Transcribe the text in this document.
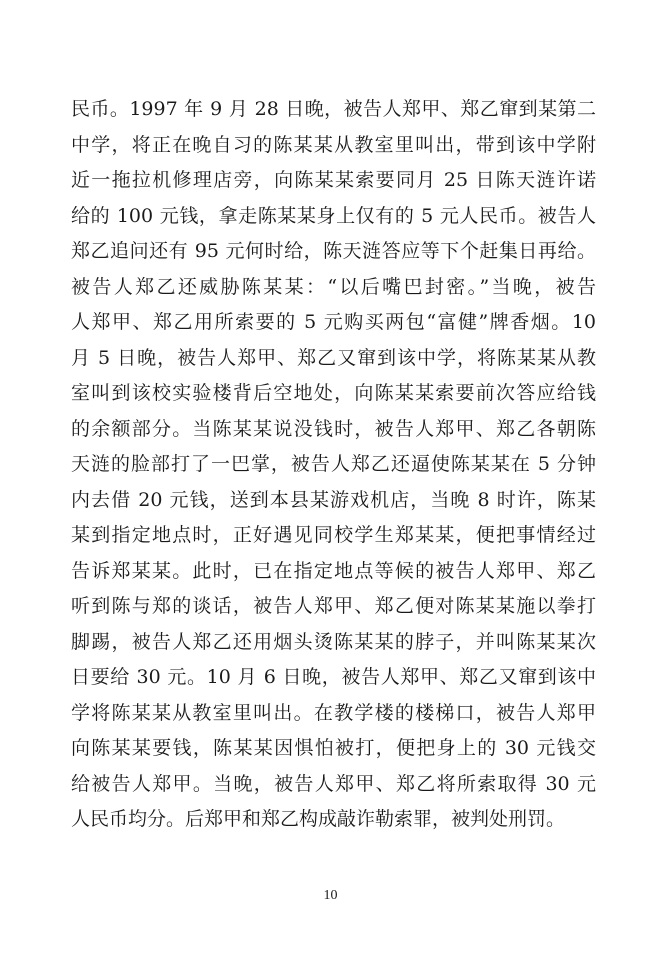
民币。1997 年 9 月 28 日晚，被告人郑甲、郑乙窜到某第二
中学，将正在晚自习的陈某某从教室里叫出，带到该中学附
近一拖拉机修理店旁，向陈某某索要同月 25 日陈天涟许诺
给的 100 元钱，拿走陈某某身上仅有的 5 元人民币。被告人
郑乙追问还有 95 元何时给，陈天涟答应等下个赶集日再给。
被告人郑乙还威胁陈某某：“以后嘴巴封密。”当晚，被告
人郑甲、郑乙用所索要的 5 元购买两包“富健”牌香烟。10
月 5 日晚，被告人郑甲、郑乙又窜到该中学，将陈某某从教
室叫到该校实验楼背后空地处，向陈某某索要前次答应给钱
的余额部分。当陈某某说没钱时，被告人郑甲、郑乙各朝陈
天涟的脸部打了一巴掌，被告人郑乙还逼使陈某某在 5 分钟
内去借 20 元钱，送到本县某游戏机店，当晚 8 时许，陈某
某到指定地点时，正好遇见同校学生郑某某，便把事情经过
告诉郑某某。此时，已在指定地点等候的被告人郑甲、郑乙
听到陈与郑的谈话，被告人郑甲、郑乙便对陈某某施以拳打
脚踢，被告人郑乙还用烟头烫陈某某的脖子，并叫陈某某次
日要给 30 元。10 月 6 日晚，被告人郑甲、郑乙又窜到该中
学将陈某某从教室里叫出。在教学楼的楼梯口，被告人郑甲
向陈某某要钱，陈某某因惧怕被打，便把身上的 30 元钱交
给被告人郑甲。当晚，被告人郑甲、郑乙将所索取得 30 元
人民币均分。后郑甲和郑乙构成敲诈勒索罪，被判处刑罚。
10
